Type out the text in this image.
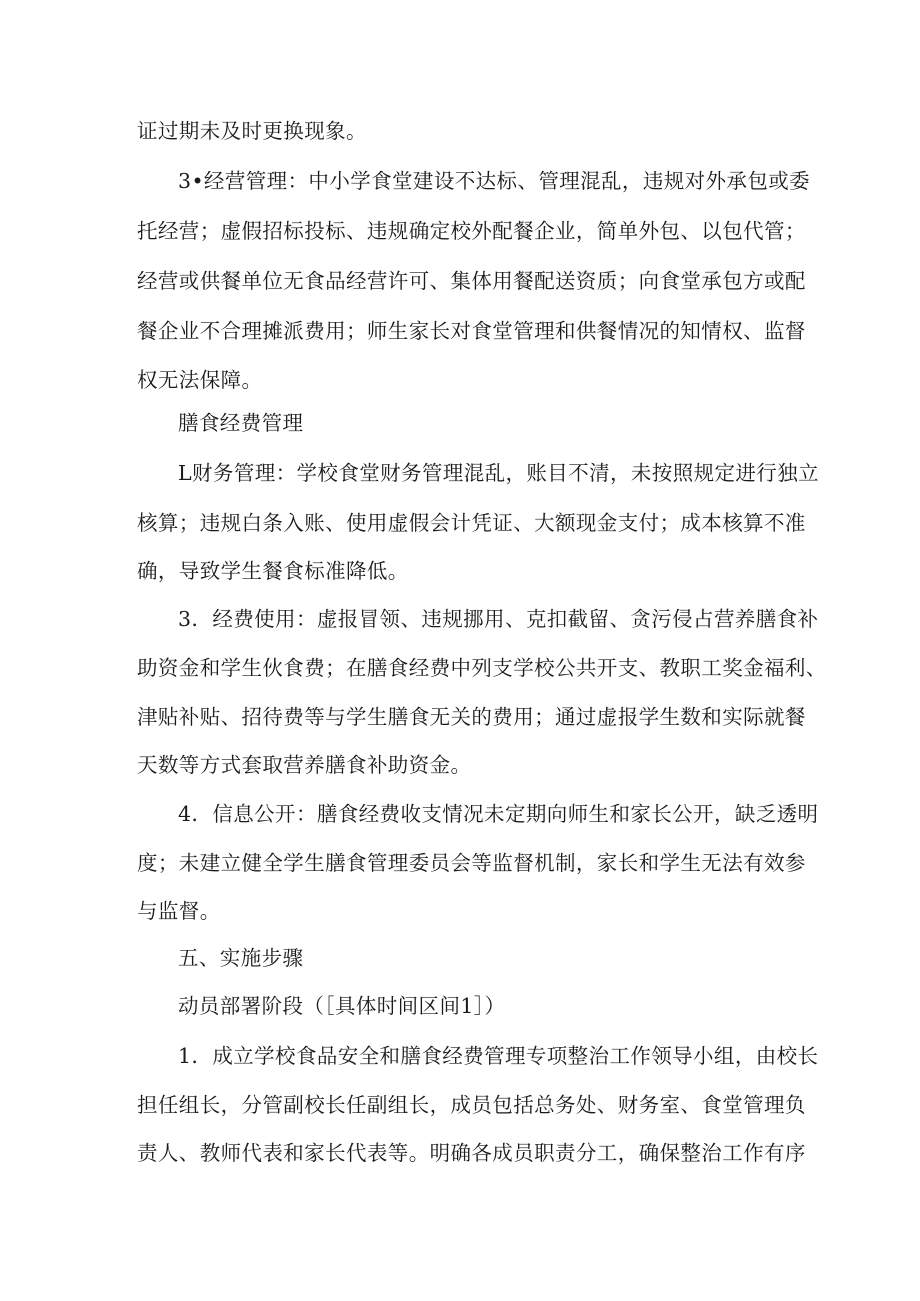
证过期未及时更换现象。
3•经营管理：中小学食堂建设不达标、管理混乱，违规对外承包或委
托经营；虚假招标投标、违规确定校外配餐企业，简单外包、以包代管；
经营或供餐单位无食品经营许可、集体用餐配送资质；向食堂承包方或配
餐企业不合理摊派费用；师生家长对食堂管理和供餐情况的知情权、监督
权无法保障。
膳食经费管理
L财务管理：学校食堂财务管理混乱，账目不清，未按照规定进行独立
核算；违规白条入账、使用虚假会计凭证、大额现金支付；成本核算不准
确，导致学生餐食标准降低。
3．经费使用：虚报冒领、违规挪用、克扣截留、贪污侵占营养膳食补
助资金和学生伙食费；在膳食经费中列支学校公共开支、教职工奖金福利、
津贴补贴、招待费等与学生膳食无关的费用；通过虚报学生数和实际就餐
天数等方式套取营养膳食补助资金。
4．信息公开：膳食经费收支情况未定期向师生和家长公开，缺乏透明
度；未建立健全学生膳食管理委员会等监督机制，家长和学生无法有效参
与监督。
五、实施步骤
动员部署阶段（［具体时间区间1］）
1．成立学校食品安全和膳食经费管理专项整治工作领导小组，由校长
担任组长，分管副校长任副组长，成员包括总务处、财务室、食堂管理负
责人、教师代表和家长代表等。明确各成员职责分工，确保整治工作有序
